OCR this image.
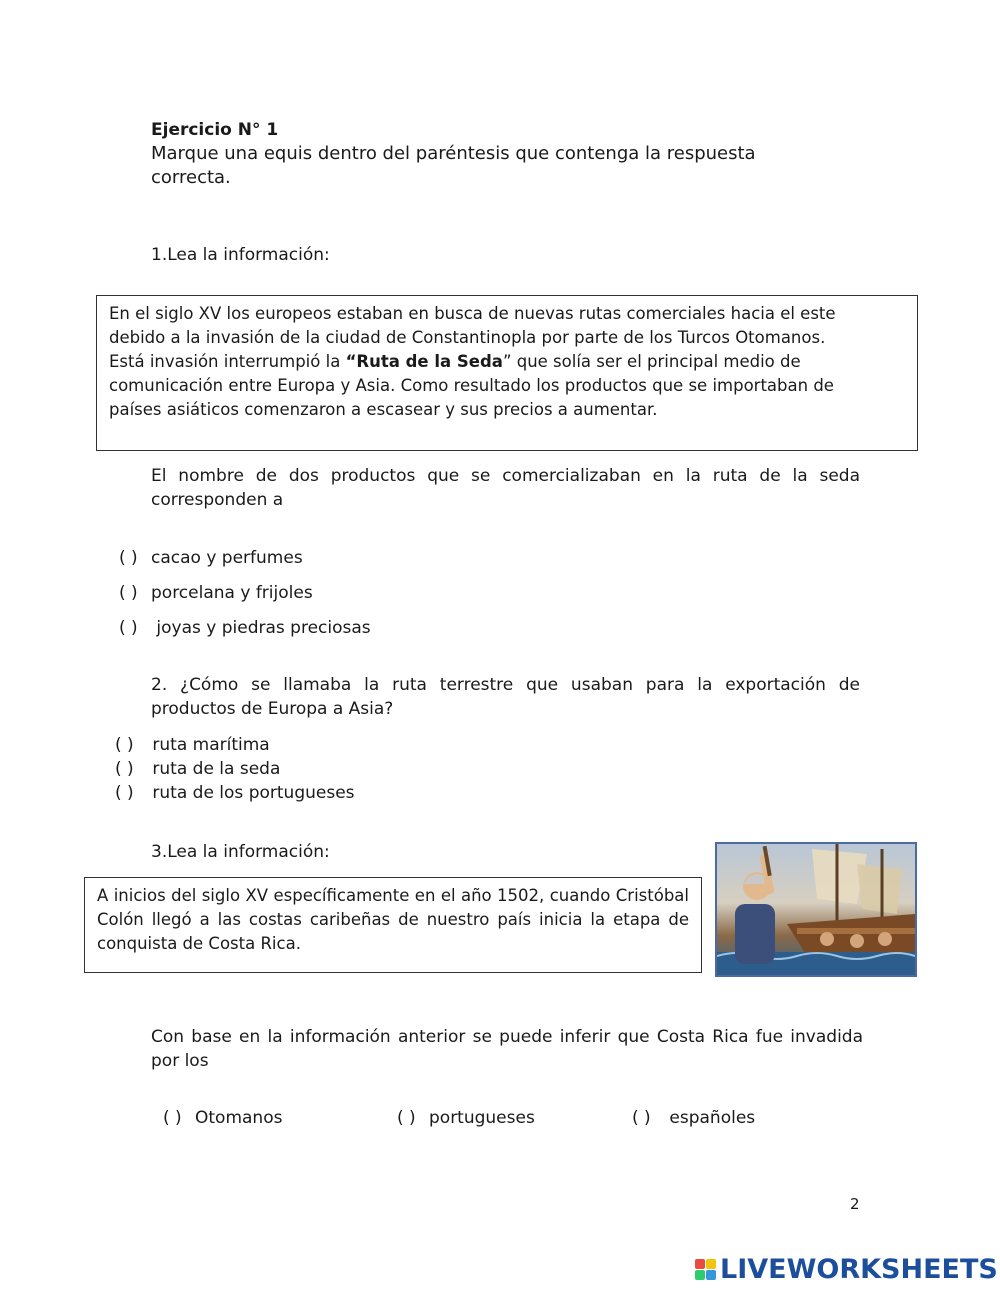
Ejercicio N° 1
Marque una equis dentro del paréntesis que contenga la respuesta
correcta.
1.Lea la información:

En el siglo XV los europeos estaban en busca de nuevas rutas comerciales hacia el este

debido a la invasión de la ciudad de Constantinopla por parte de los Turcos Otomanos.

Está invasión interrumpió la “Ruta de la Seda” que solía ser el principal medio de

comunicación entre Europa y Asia. Como resultado los productos que se importaban de

países asiáticos comenzaron a escasear y sus precios a aumentar.

El nombre de dos productos que se comercializaban en la ruta de la seda corresponden a
( ) cacao y perfumes
( ) porcelana y frijoles
( ) joyas y piedras preciosas
2. ¿Cómo se llamaba la ruta terrestre que usaban para la exportación de productos de Europa a Asia?
( ) ruta marítima
( ) ruta de la seda
( ) ruta de los portugueses
3.Lea la información:

A inicios del siglo XV específicamente en el año 1502, cuando Cristóbal Colón llegó a las costas caribeñas de nuestro país inicia la etapa de conquista de Costa Rica.

Con base en la información anterior se puede inferir que Costa Rica fue invadida por los
( ) Otomanos	( ) portugueses	( ) españoles
2
LIVEWORKSHEETS
